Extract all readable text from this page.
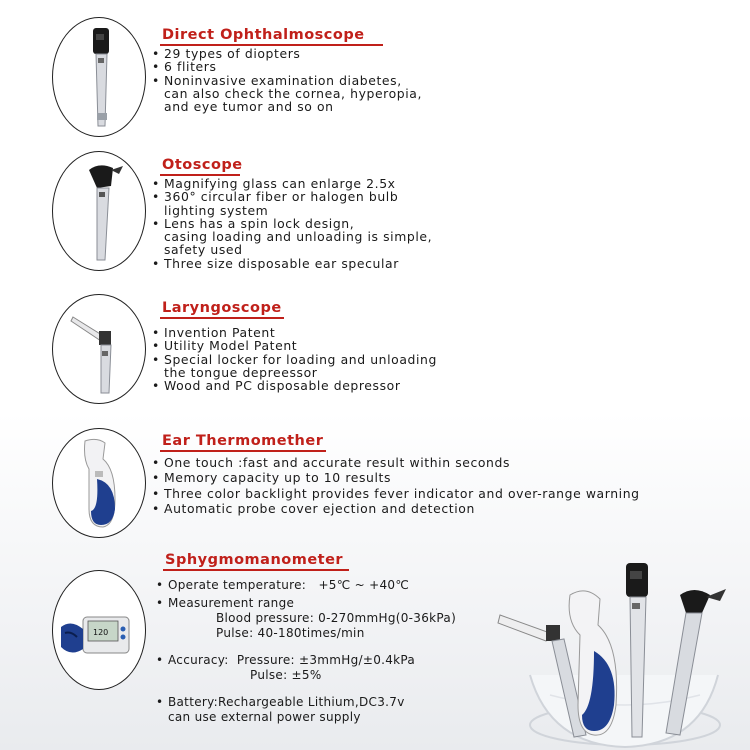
Direct Ophthalmoscope
• 29 types of diopters
• 6 fliters
• Noninvasive examination diabetes,
can also check the cornea, hyperopia,
and eye tumor and so on
Otoscope
• Magnifying glass can enlarge 2.5x
• 360° circular fiber or halogen bulb
lighting system
• Lens has a spin lock design,
casing loading and unloading is simple,
safety used
• Three size disposable ear specular
Laryngoscope
• Invention Patent
• Utility Model Patent
• Special locker for loading and unloading
the tongue depreessor
• Wood and PC disposable depressor
Ear Thermomether
• One touch :fast and accurate result within seconds
• Memory capacity up to 10 results
• Three color backlight provides fever indicator and over-range warning
• Automatic probe cover ejection and detection
120
Sphygmomanometer
• Operate temperature: +5℃ ~ +40℃
• Measurement range
Blood pressure: 0-270mmHg(0-36kPa)
Pulse: 40-180times/min
• Accuracy: Pressure: ±3mmHg/±0.4kPa
Pulse: ±5%
• Battery:Rechargeable Lithium,DC3.7v
can use external power supply
